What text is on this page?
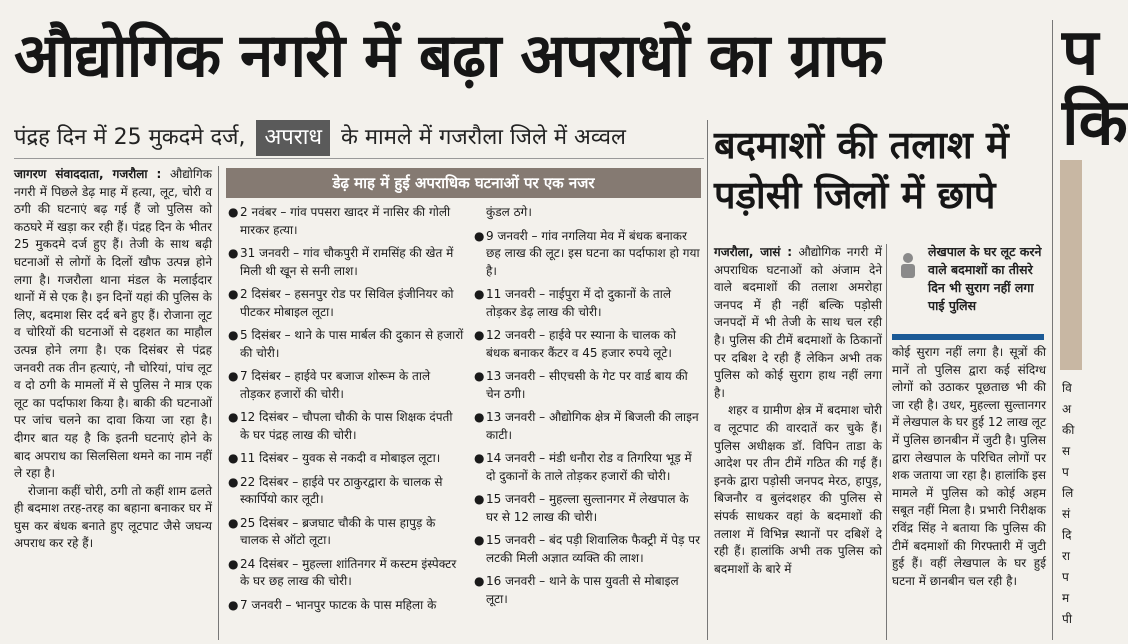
औद्योगिक नगरी में बढ़ा अपराधों का ग्राफ
पंद्रह दिन में 25 मुकदमे दर्ज, अपराध के मामले में गजरौला जिले में अव्वल
जागरण संवाददाता, गजरौला : औद्योगिक नगरी में पिछले डेढ़ माह में हत्या, लूट, चोरी व ठगी की घटनाएं बढ़ गई हैं जो पुलिस को कठघरे में खड़ा कर रही हैं। पंद्रह दिन के भीतर 25 मुकदमे दर्ज हुए हैं। तेजी के साथ बढ़ी घटनाओं से लोगों के दिलों खौफ उत्पन्न होने लगा है। गजरौला थाना मंडल के मलाईदार थानों में से एक है। इन दिनों यहां की पुलिस के लिए, बदमाश सिर दर्द बने हुए हैं। रोजाना लूट व चोरियों की घटनाओं से दहशत का माहौल उत्पन्न होने लगा है। एक दिसंबर से पंद्रह जनवरी तक तीन हत्याएं, नौ चोरियां, पांच लूट व दो ठगी के मामलों में से पुलिस ने मात्र एक लूट का पर्दाफाश किया है। बाकी की घटनाओं पर जांच चलने का दावा किया जा रहा है। दीगर बात यह है कि इतनी घटनाएं होने के बाद अपराध का सिलसिला थमने का नाम नहीं ले रहा है।
रोजाना कहीं चोरी, ठगी तो कहीं शाम ढलते ही बदमाश तरह-तरह का बहाना बनाकर घर में घुस कर बंधक बनाते हुए लूटपाट जैसे जघन्य अपराध कर रहे हैं।
डेढ़ माह में हुई अपराधिक घटनाओं पर एक नजर
● 2 नवंबर – गांव पपसरा खादर में नासिर की गोली मारकर हत्या।
● 31 जनवरी – गांव चौकपुरी में रामसिंह की खेत में मिली थी खून से सनी लाश।
● 2 दिसंबर – हसनपुर रोड पर सिविल इंजीनियर को पीटकर मोबाइल लूटा।
● 5 दिसंबर – थाने के पास मार्बल की दुकान से हजारों की चोरी।
● 7 दिसंबर – हाईवे पर बजाज शोरूम के ताले तोड़कर हजारों की चोरी।
● 12 दिसंबर – चौपला चौकी के पास शिक्षक दंपती के घर पंद्रह लाख की चोरी।
● 11 दिसंबर – युवक से नकदी व मोबाइल लूटा।
● 22 दिसंबर – हाईवे पर ठाकुरद्वारा के चालक से स्कार्पियो कार लूटी।
● 25 दिसंबर – ब्रजघाट चौकी के पास हापुड़ के चालक से ऑटो लूटा।
● 24 दिसंबर – मुहल्ला शांतिनगर में कस्टम इंस्पेक्टर के घर छह लाख की चोरी।
● 7 जनवरी – भानपुर फाटक के पास महिला के
कुंडल ठगे।
● 9 जनवरी – गांव नगलिया मेव में बंधक बनाकर छह लाख की लूट। इस घटना का पर्दाफाश हो गया है।
● 11 जनवरी – नाईपुरा में दो दुकानों के ताले तोड़कर डेढ़ लाख की चोरी।
● 12 जनवरी – हाईवे पर स्याना के चालक को बंधक बनाकर कैंटर व 45 हजार रुपये लूटे।
● 13 जनवरी – सीएचसी के गेट पर वार्ड बाय की चेन ठगी।
● 13 जनवरी – औद्योगिक क्षेत्र में बिजली की लाइन काटी।
● 14 जनवरी – मंडी धनौरा रोड व तिगरिया भूड़ में दो दुकानों के ताले तोड़कर हजारों की चोरी।
● 15 जनवरी – मुहल्ला सुल्तानगर में लेखपाल के घर से 12 लाख की चोरी।
● 15 जनवरी – बंद पड़ी शिवालिक फैक्ट्री में पेड़ पर लटकी मिली अज्ञात व्यक्ति की लाश।
● 16 जनवरी – थाने के पास युवती से मोबाइल लूटा।
बदमाशों की तलाश में पड़ोसी जिलों में छापे
गजरौला, जासं : औद्योगिक नगरी में अपराधिक घटनाओं को अंजाम देने वाले बदमाशों की तलाश अमरोहा जनपद में ही नहीं बल्कि पड़ोसी जनपदों में भी तेजी के साथ चल रही है। पुलिस की टीमें बदमाशों के ठिकानों पर दबिश दे रही हैं लेकिन अभी तक पुलिस को कोई सुराग हाथ नहीं लगा है।
शहर व ग्रामीण क्षेत्र में बदमाश चोरी व लूटपाट की वारदातें कर चुके हैं। पुलिस अधीक्षक डॉ. विपिन ताडा के आदेश पर तीन टीमें गठित की गई हैं। इनके द्वारा पड़ोसी जनपद मेरठ, हापुड़, बिजनौर व बुलंदशहर की पुलिस से संपर्क साधकर वहां के बदमाशों की तलाश में विभिन्न स्थानों पर दबिशें दे रही हैं। हालांकि अभी तक पुलिस को बदमाशों के बारे में
लेखपाल के घर लूट करने वाले बदमाशों का तीसरे दिन भी सुराग नहीं लगा पाई पुलिस
कोई सुराग नहीं लगा है। सूत्रों की मानें तो पुलिस द्वारा कई संदिग्ध लोगों को उठाकर पूछताछ भी की जा रही है। उधर, मुहल्ला सुल्तानगर में लेखपाल के घर हुई 12 लाख लूट में पुलिस छानबीन में जुटी है। पुलिस द्वारा लेखपाल के परिचित लोगों पर शक जताया जा रहा है। हालांकि इस मामले में पुलिस को कोई अहम सबूत नहीं मिला है। प्रभारी निरीक्षक रविंद्र सिंह ने बताया कि पुलिस की टीमें बदमाशों की गिरफ्तारी में जुटी हुई हैं। वहीं लेखपाल के घर हुई घटना में छानबीन चल रही है।
प
कि
वि
अ
की
स
प
लि
सं
दि
रा
प
म
पी
